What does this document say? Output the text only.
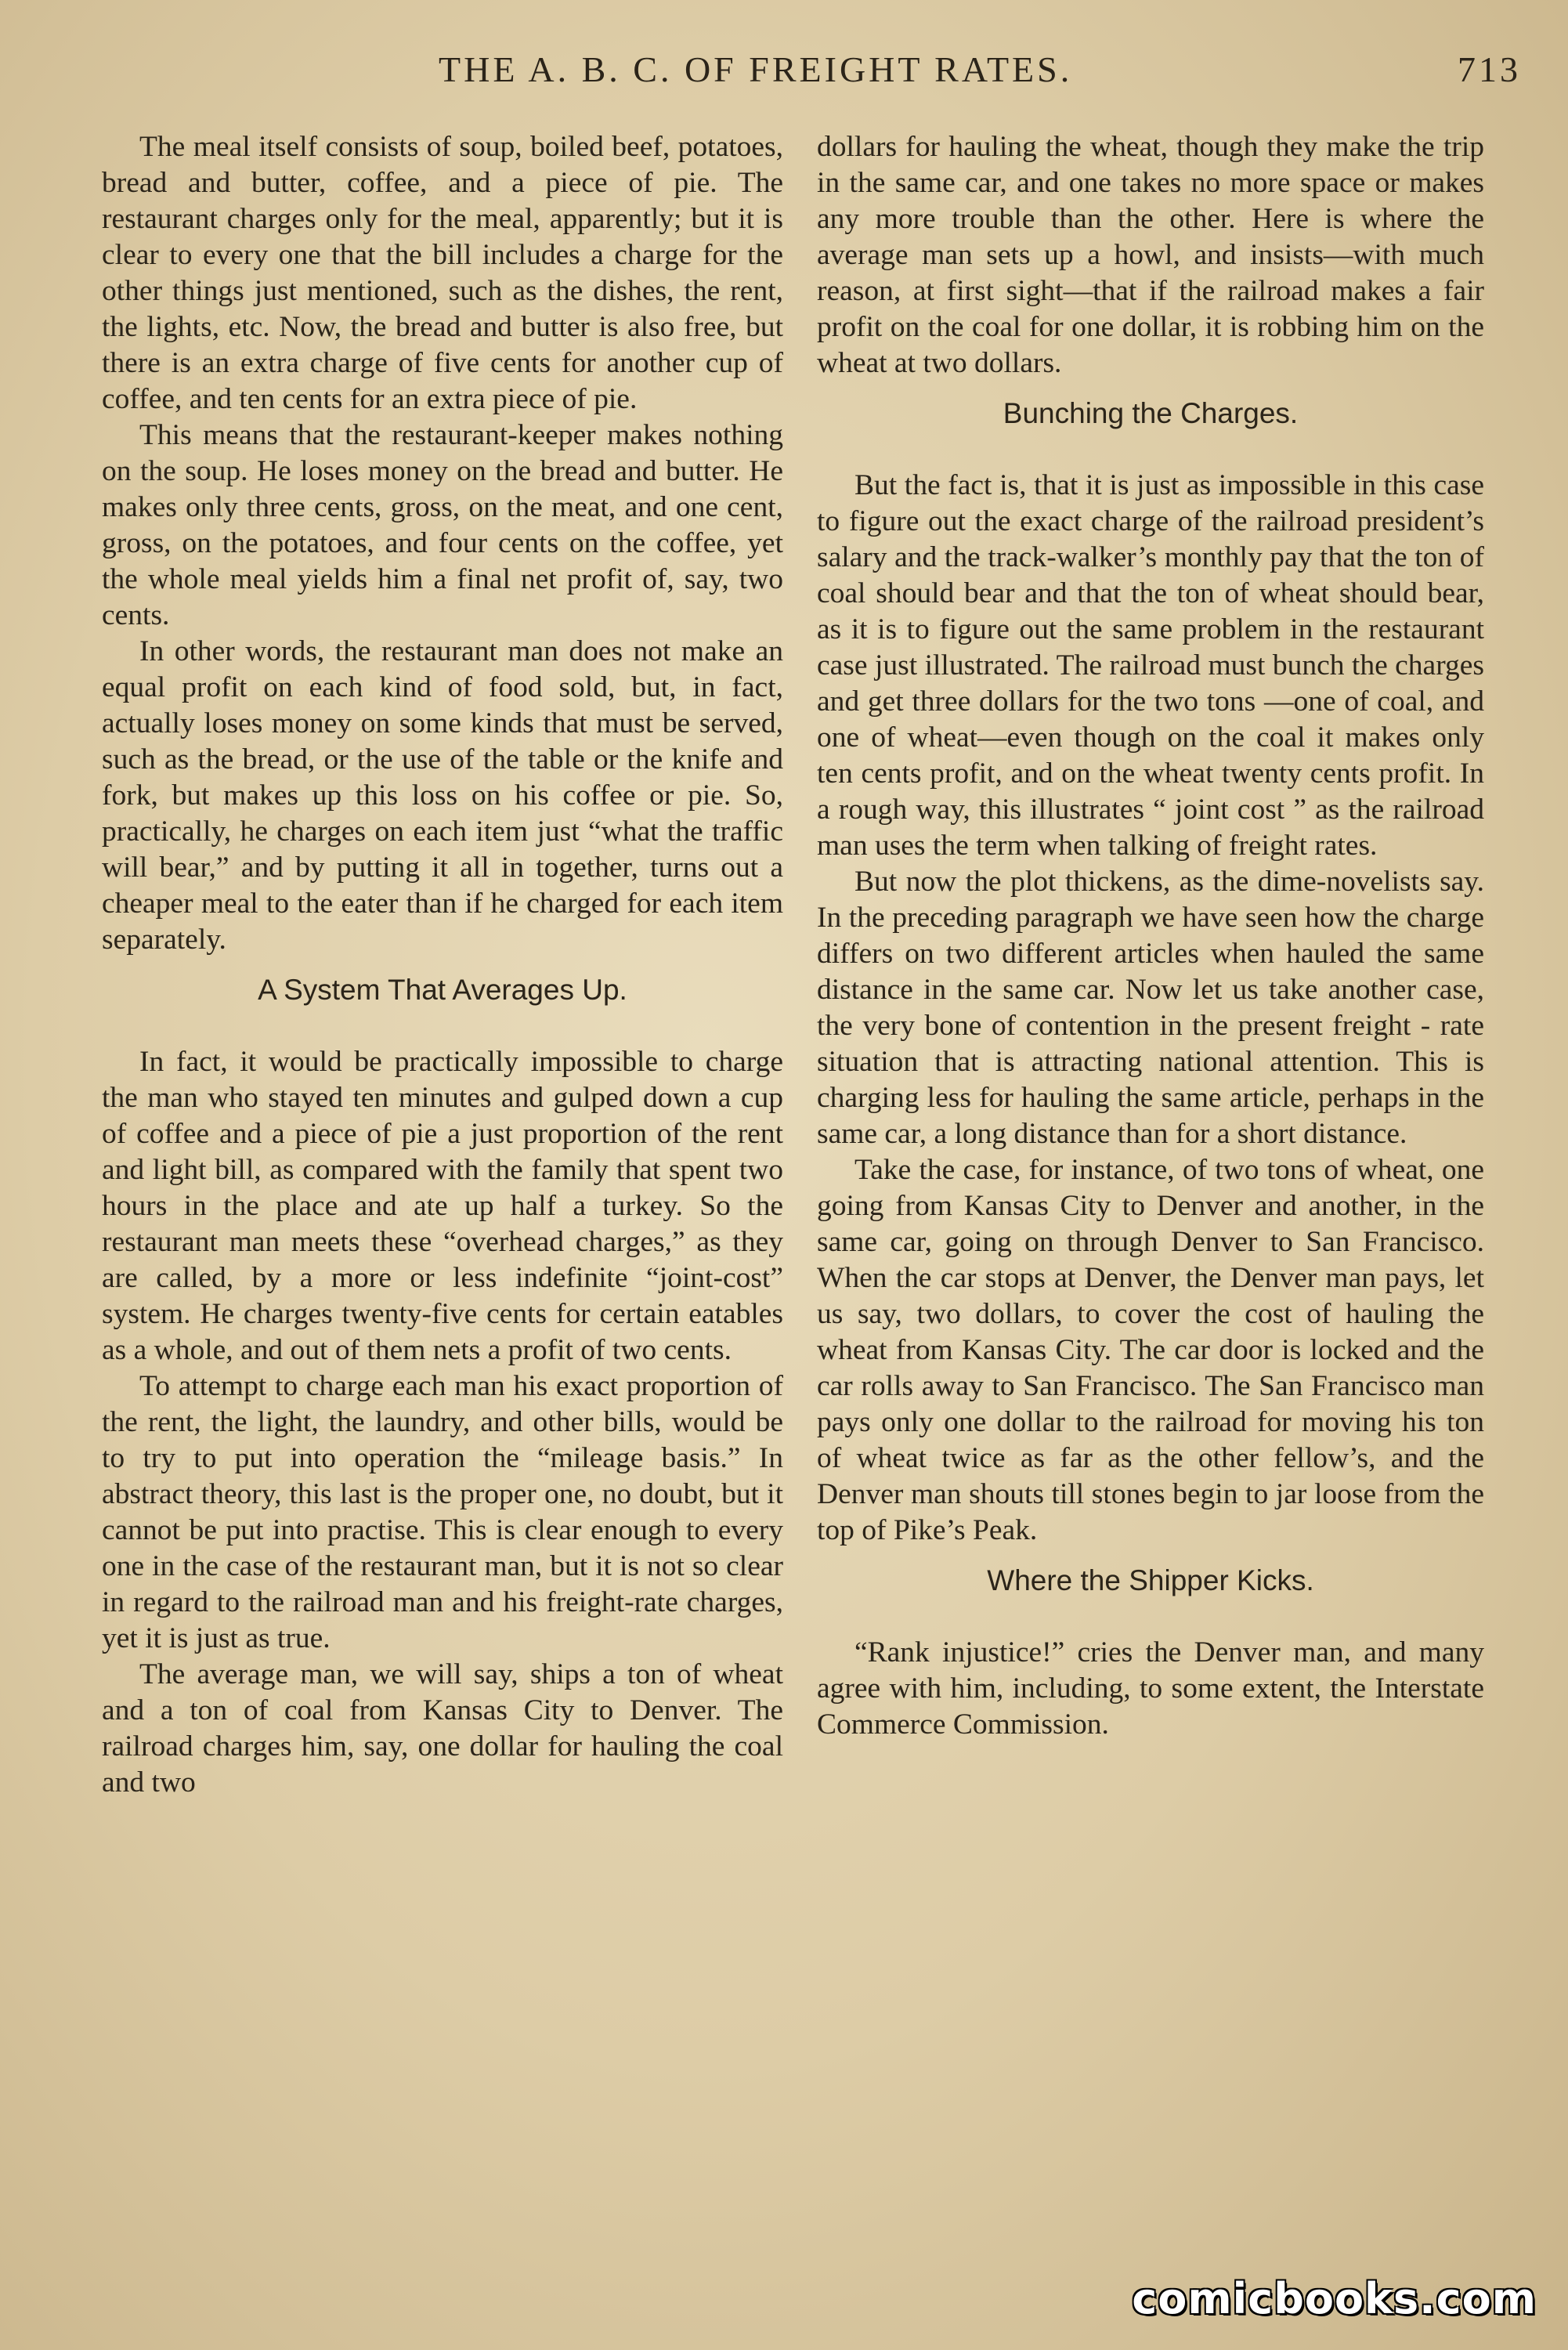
THE A. B. C. OF FREIGHT RATES.	713

The meal itself consists of soup, boiled beef, potatoes, bread and butter, coffee, and a piece of pie. The restaurant charges only for the meal, apparently; but it is clear to every one that the bill includes a charge for the other things just mentioned, such as the dishes, the rent, the lights, etc. Now, the bread and butter is also free, but there is an extra charge of five cents for another cup of coffee, and ten cents for an extra piece of pie.

This means that the restaurant-keeper makes nothing on the soup. He loses money on the bread and butter. He makes only three cents, gross, on the meat, and one cent, gross, on the potatoes, and four cents on the coffee, yet the whole meal yields him a final net profit of, say, two cents.

In other words, the restaurant man does not make an equal profit on each kind of food sold, but, in fact, actually loses money on some kinds that must be served, such as the bread, or the use of the table or the knife and fork, but makes up this loss on his coffee or pie. So, practically, he charges on each item just “what the traffic will bear,” and by putting it all in together, turns out a cheaper meal to the eater than if he charged for each item separately.

A System That Averages Up.

In fact, it would be practically impossible to charge the man who stayed ten minutes and gulped down a cup of coffee and a piece of pie a just proportion of the rent and light bill, as compared with the family that spent two hours in the place and ate up half a turkey. So the restaurant man meets these “overhead charges,” as they are called, by a more or less indefinite “joint-cost” system. He charges twenty-five cents for certain eatables as a whole, and out of them nets a profit of two cents.

To attempt to charge each man his exact proportion of the rent, the light, the laundry, and other bills, would be to try to put into operation the “mileage basis.” In abstract theory, this last is the proper one, no doubt, but it cannot be put into practise. This is clear enough to every one in the case of the restaurant man, but it is not so clear in regard to the railroad man and his freight-rate charges, yet it is just as true.

The average man, we will say, ships a ton of wheat and a ton of coal from Kansas City to Denver. The railroad charges him, say, one dollar for hauling the coal and two

dollars for hauling the wheat, though they make the trip in the same car, and one takes no more space or makes any more trouble than the other. Here is where the average man sets up a howl, and insists—with much reason, at first sight—that if the railroad makes a fair profit on the coal for one dollar, it is robbing him on the wheat at two dollars.

Bunching the Charges.

But the fact is, that it is just as impossible in this case to figure out the exact charge of the railroad president’s salary and the track-walker’s monthly pay that the ton of coal should bear and that the ton of wheat should bear, as it is to figure out the same problem in the restaurant case just illustrated. The railroad must bunch the charges and get three dollars for the two tons —one of coal, and one of wheat—even though on the coal it makes only ten cents profit, and on the wheat twenty cents profit. In a rough way, this illustrates “ joint cost ” as the railroad man uses the term when talking of freight rates.

But now the plot thickens, as the dime-novelists say. In the preceding paragraph we have seen how the charge differs on two different articles when hauled the same distance in the same car. Now let us take another case, the very bone of contention in the present freight - rate situation that is attracting national attention. This is charging less for hauling the same article, perhaps in the same car, a long distance than for a short distance.

Take the case, for instance, of two tons of wheat, one going from Kansas City to Denver and another, in the same car, going on through Denver to San Francisco. When the car stops at Denver, the Denver man pays, let us say, two dollars, to cover the cost of hauling the wheat from Kansas City. The car door is locked and the car rolls away to San Francisco. The San Francisco man pays only one dollar to the railroad for moving his ton of wheat twice as far as the other fellow’s, and the Denver man shouts till stones begin to jar loose from the top of Pike’s Peak.

Where the Shipper Kicks.

“Rank injustice!” cries the Denver man, and many agree with him, including, to some extent, the Interstate Commerce Commission.

comicbooks.com
